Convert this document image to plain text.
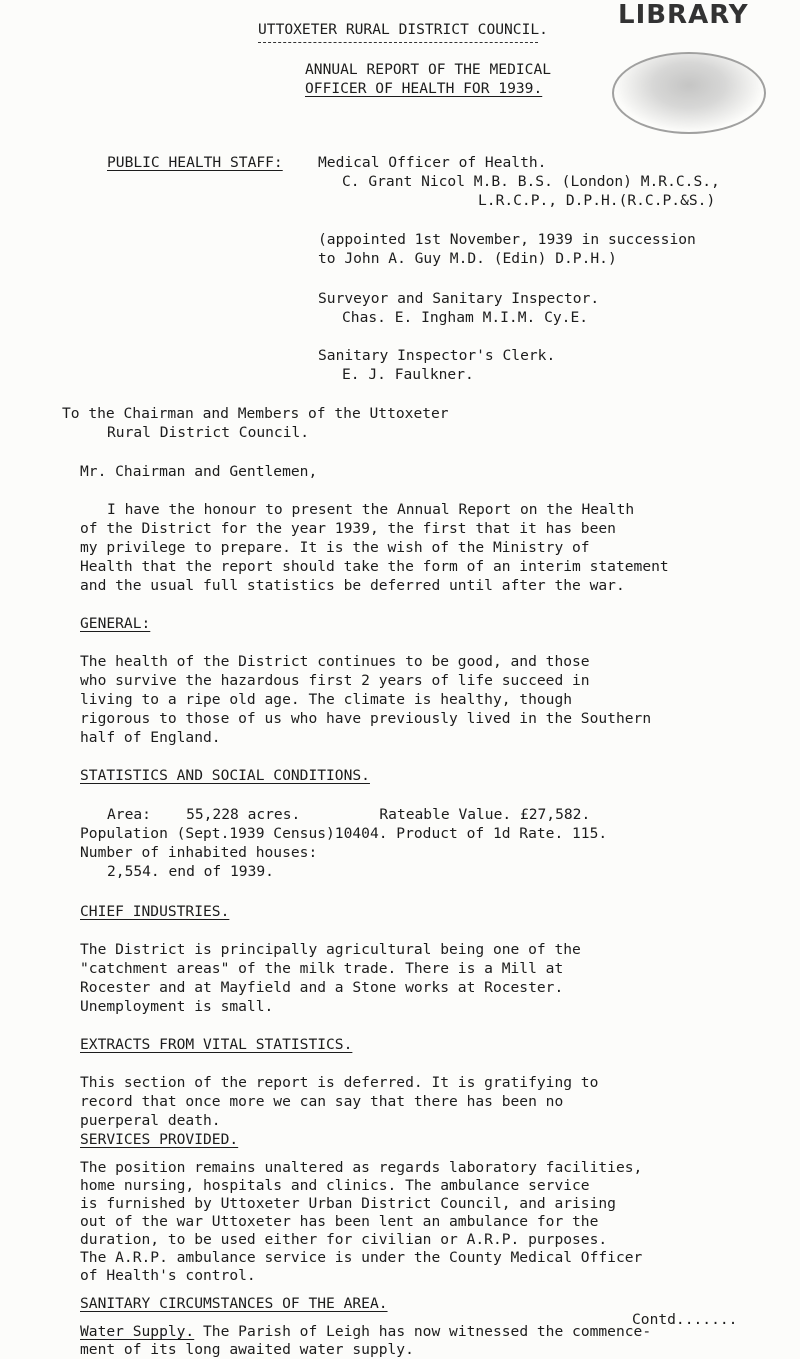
UTTOXETER RURAL DISTRICT COUNCIL.
ANNUAL REPORT OF THE MEDICAL
OFFICER OF HEALTH FOR 1939.
LIBRARY
PUBLIC HEALTH STAFF: Medical Officer of Health.
C. Grant Nicol M.B. B.S. (London) M.R.C.S.,
L.R.C.P., D.P.H.(R.C.P.&S.)
(appointed 1st November, 1939 in succession
to John A. Guy M.D. (Edin) D.P.H.)
Surveyor and Sanitary Inspector.
Chas. E. Ingham M.I.M. Cy.E.
Sanitary Inspector's Clerk.
E. J. Faulkner.
To the Chairman and Members of the Uttoxeter
Rural District Council.
Mr. Chairman and Gentlemen,
I have the honour to present the Annual Report on the Health
of the District for the year 1939, the first that it has been
my privilege to prepare. It is the wish of the Ministry of
Health that the report should take the form of an interim statement
and the usual full statistics be deferred until after the war.
GENERAL:
The health of the District continues to be good, and those
who survive the hazardous first 2 years of life succeed in
living to a ripe old age. The climate is healthy, though
rigorous to those of us who have previously lived in the Southern
half of England.
STATISTICS AND SOCIAL CONDITIONS.
Area:    55,228 acres.         Rateable Value. £27,582.
Population (Sept.1939 Census)10404. Product of 1d Rate. 115.
Number of inhabited houses:
2,554. end of 1939.
CHIEF INDUSTRIES.
The District is principally agricultural being one of the
"catchment areas" of the milk trade. There is a Mill at
Rocester and at Mayfield and a Stone works at Rocester.
Unemployment is small.
EXTRACTS FROM VITAL STATISTICS.
This section of the report is deferred. It is gratifying to
record that once more we can say that there has been no
puerperal death.
SERVICES PROVIDED.
The position remains unaltered as regards laboratory facilities,
home nursing, hospitals and clinics. The ambulance service
is furnished by Uttoxeter Urban District Council, and arising
out of the war Uttoxeter has been lent an ambulance for the
duration, to be used either for civilian or A.R.P. purposes.
The A.R.P. ambulance service is under the County Medical Officer
of Health's control.
SANITARY CIRCUMSTANCES OF THE AREA.
Water Supply. The Parish of Leigh has now witnessed the commence-
ment of its long awaited water supply.
Contd.......
